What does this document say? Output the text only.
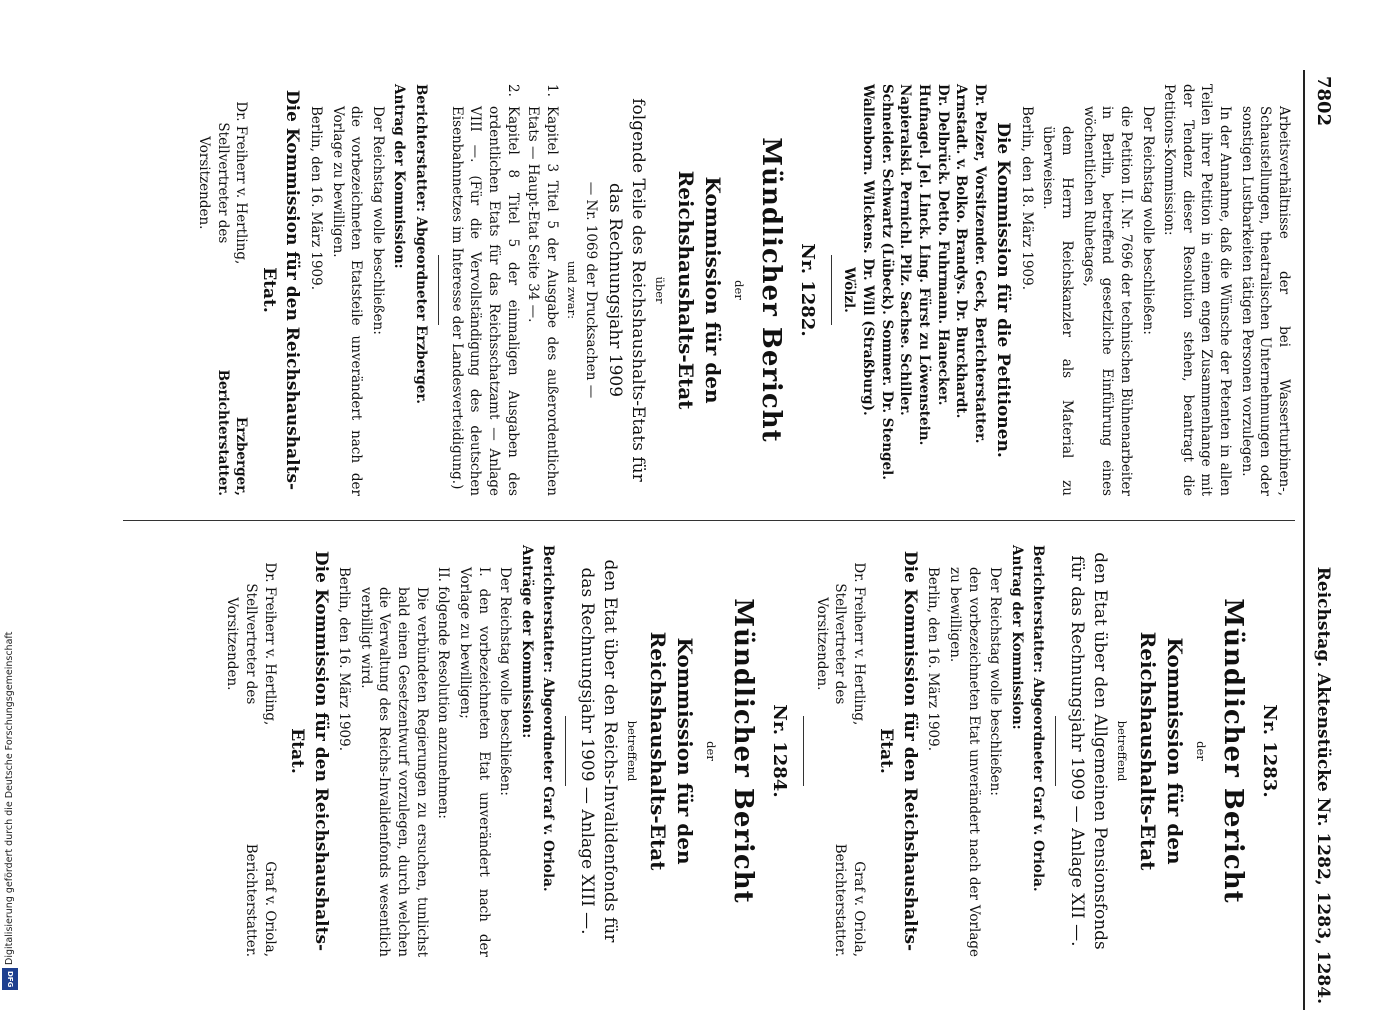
Digitalisierung gefördert durch die Deutsche Forschungsgemeinschaft
DFG
7802
Reichstag. Aktenstücke Nr. 1282, 1283, 1284.

Arbeitsverhältnisse der bei Wasserturbinen-, Schaustellungen, theatralischen Unternehmungen oder sonstigen Lustbarkeiten tätigen Personen vorzulegen.

In der Annahme, daß die Wünsche der Petenten in allen Teilen ihrer Petition in einem engen Zusammenhange mit der Tendenz dieser Resolution stehen, beantragt die Petitions-Kommission:

Der Reichstag wolle beschließen:

die Petition II. Nr. 7696 der technischen Bühnenarbeiter in Berlin, betreffend gesetzliche Einführung eines wöchentlichen Ruhetages,

dem Herrn Reichskanzler als Material zu überweisen.

Berlin, den 18. März 1909.

Die Kommission für die Petitionen.

Dr. Pelzer, Vorsitzender. Geck, Berichterstatter.

Arnstadt. v. Bolko. Brandys. Dr. Burckhardt.

Dr. Delbrück. Detto. Fuhrmann. Hanecker.

Hufnagel. Jel. Linck. Ling. Fürst zu Löwenstein.

Napieralski. Pernichl. Pilz. Sachse. Schiller.

Schneider. Schwartz (Lübeck). Sommer. Dr. Stengel.

Wallenborn. Wilckens. Dr. Will (Straßburg).

Wölzl.

Nr. 1282.

Mündlicher Bericht

der

Kommission für den Reichshaushalts-Etat

über

folgende Teile des Reichshaushalts-Etats für das Rechnungsjahr 1909

— Nr. 1069 der Drucksachen —

und zwar:

1.
Kapitel 3 Titel 5 der Ausgabe des außerordentlichen Etats — Haupt-Etat Seite 34 —.
2.
Kapitel 8 Titel 5 der einmaligen Ausgaben des ordentlichen Etats für das Reichsschatzamt — Anlage VIII —. (Für die Vervollständigung des deutschen Eisenbahnnetzes im Interesse der Landesverteidigung.)

Berichterstatter: Abgeordneter Erzberger.

Antrag der Kommission:

Der Reichstag wolle beschließen:

die vorbezeichneten Etatsteile unverändert nach der Vorlage zu bewilligen.

Berlin, den 16. März 1909.

Die Kommission für den Reichshaushalts-Etat.

Dr. Freiherr v. Hertling, Stellvertreter des Vorsitzenden.
Erzberger, Berichterstatter.

Nr. 1283.

Mündlicher Bericht

der

Kommission für den Reichshaushalts-Etat

betreffend

den Etat über den Allgemeinen Pensionsfonds für das Rechnungsjahr 1909 — Anlage XII —.

Berichterstatter: Abgeordneter Graf v. Oriola.

Antrag der Kommission:

Der Reichstag wolle beschließen:

den vorbezeichneten Etat unverändert nach der Vorlage zu bewilligen.

Berlin, den 16. März 1909.

Die Kommission für den Reichshaushalts-Etat.

Dr. Freiherr v. Hertling, Stellvertreter des Vorsitzenden.
Graf v. Oriola, Berichterstatter.

Nr. 1284.

Mündlicher Bericht

der

Kommission für den Reichshaushalts-Etat

betreffend

den Etat über den Reichs-Invalidenfonds für das Rechnungsjahr 1909 — Anlage XIII —.

Berichterstatter: Abgeordneter Graf v. Oriola.

Anträge der Kommission:

Der Reichstag wolle beschließen:

I. den vorbezeichneten Etat unverändert nach der Vorlage zu bewilligen;

II. folgende Resolution anzunehmen:

Die verbündeten Regierungen zu ersuchen, tunlichst bald einen Gesetzentwurf vorzulegen, durch welchen die Verwaltung des Reichs-Invalidenfonds wesentlich verbilligt wird.

Berlin, den 16. März 1909.

Die Kommission für den Reichshaushalts-Etat.

Dr. Freiherr v. Hertling, Stellvertreter des Vorsitzenden.
Graf v. Oriola, Berichterstatter.
